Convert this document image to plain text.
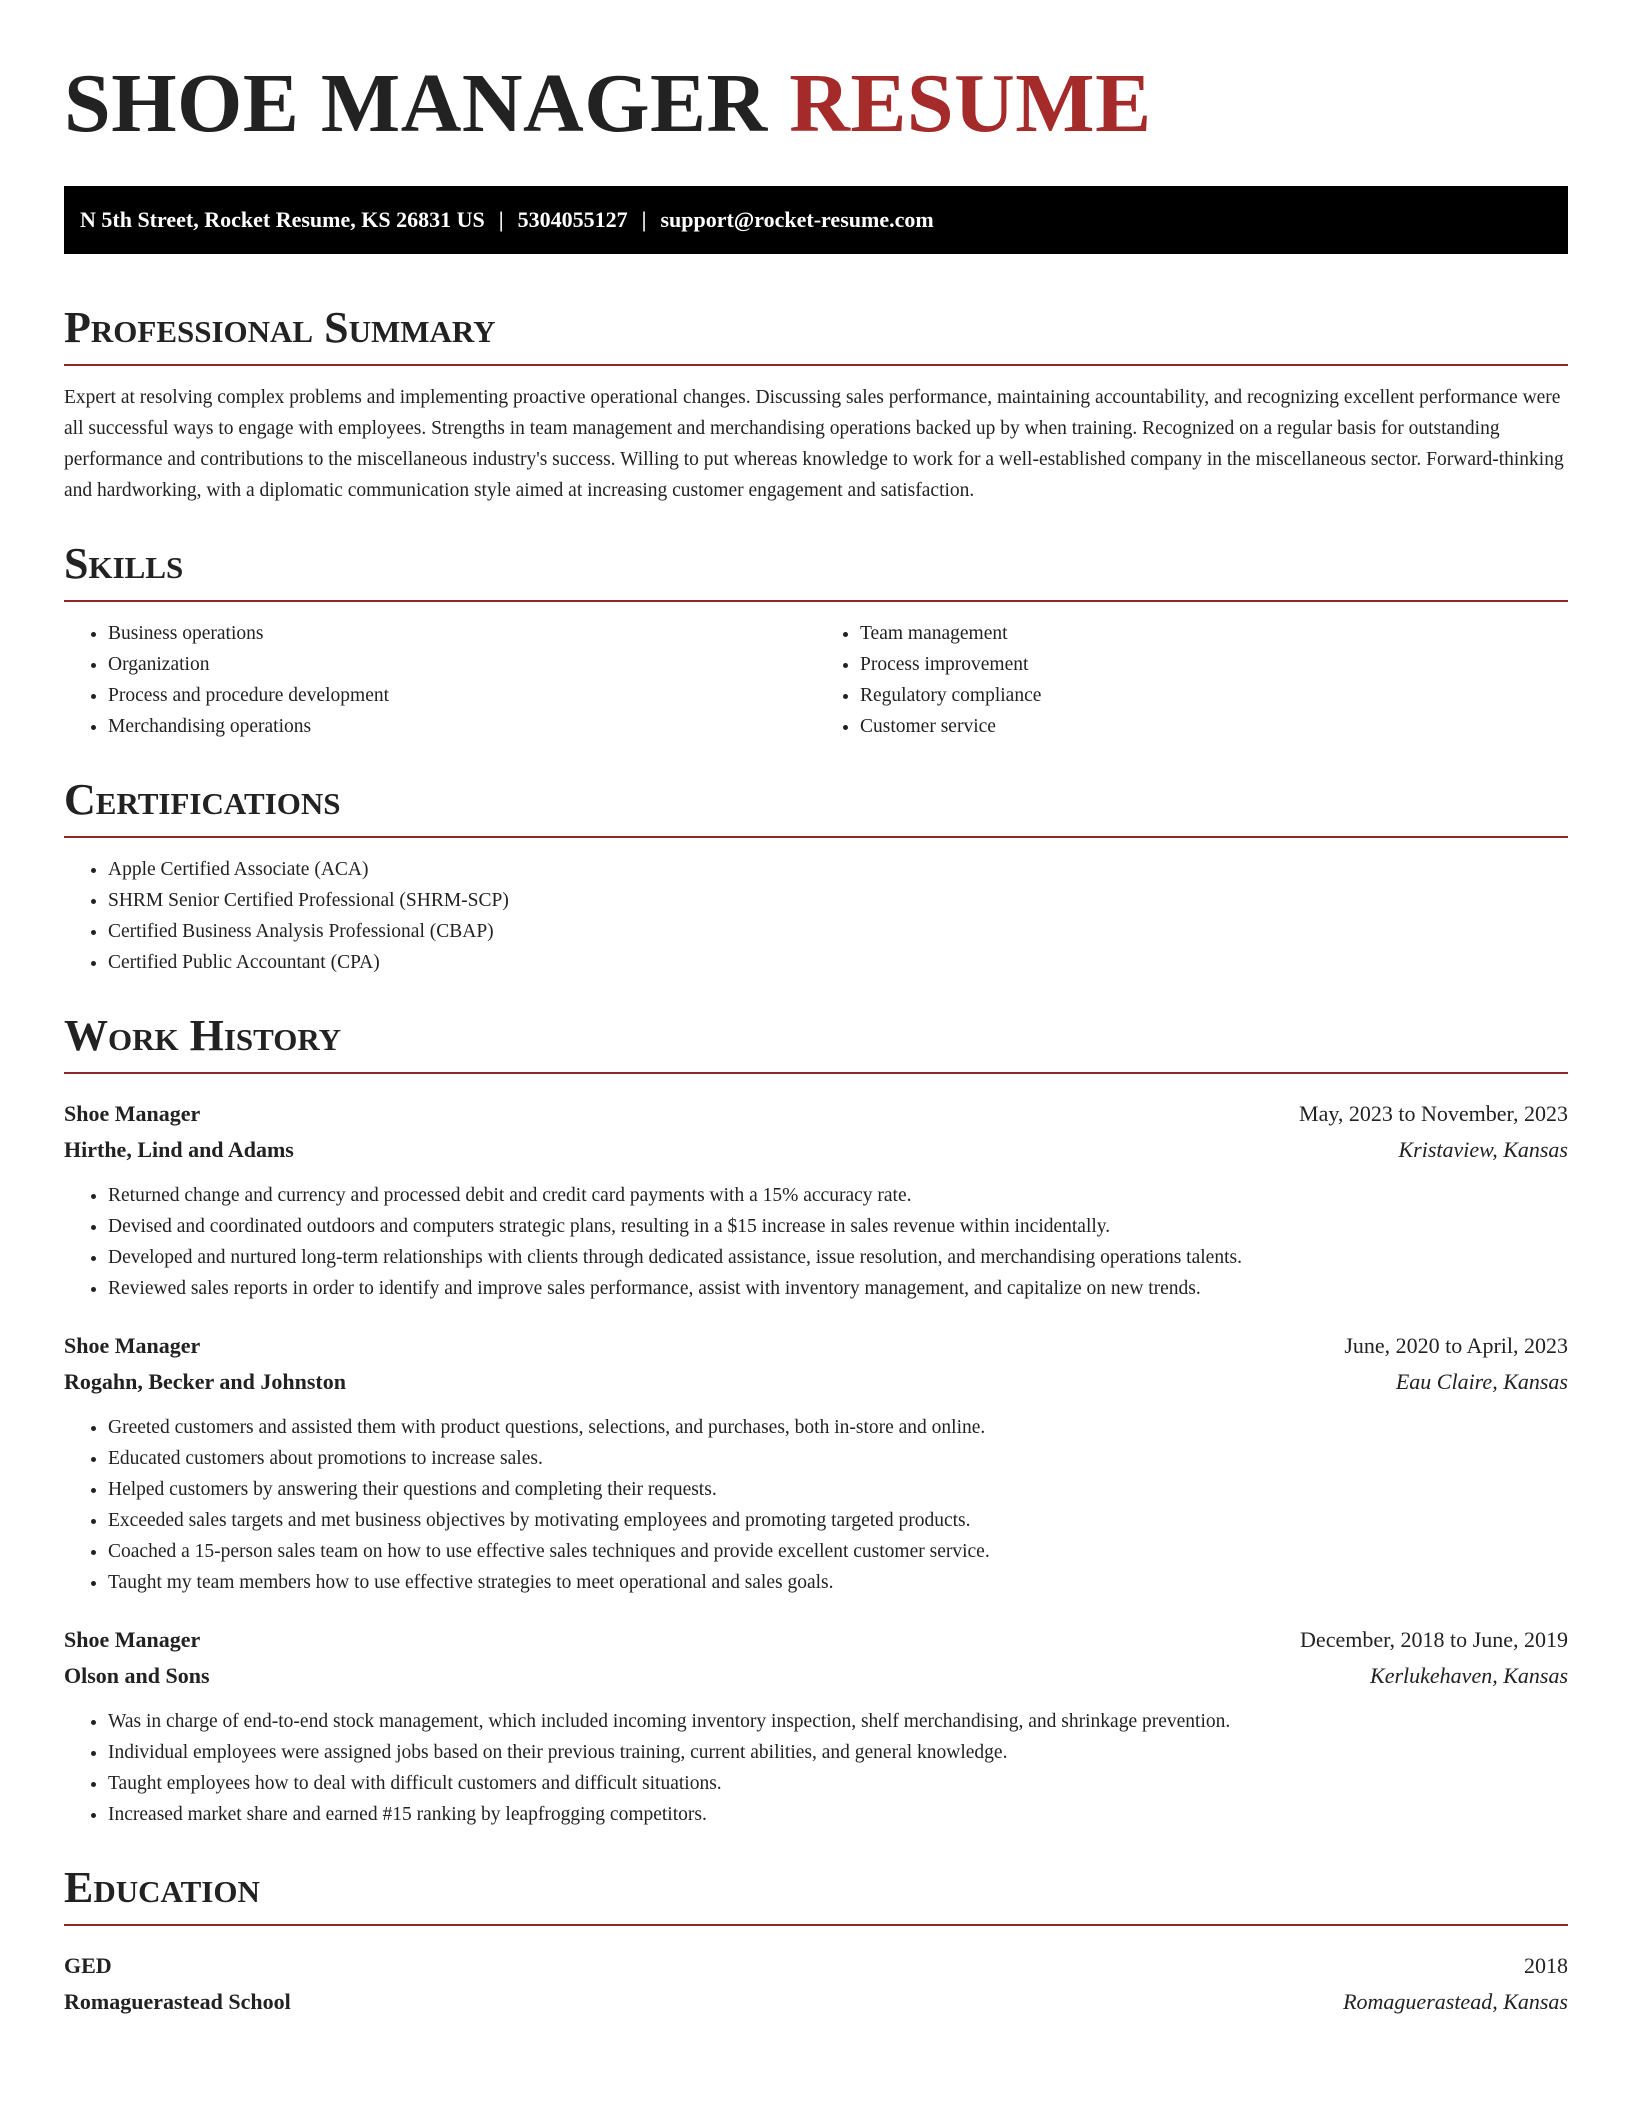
SHOE MANAGER RESUME
N 5th Street, Rocket Resume, KS 26831 US | 5304055127 | support@rocket-resume.com
Professional Summary

Expert at resolving complex problems and implementing proactive operational changes. Discussing sales performance, maintaining accountability, and recognizing excellent performance were all successful ways to engage with employees. Strengths in team management and merchandising operations backed up by when training. Recognized on a regular basis for outstanding performance and contributions to the miscellaneous industry's success. Willing to put whereas knowledge to work for a well-established company in the miscellaneous sector. Forward-thinking and hardworking, with a diplomatic communication style aimed at increasing customer engagement and satisfaction.

Skills
• Business operations
• Organization
• Process and procedure development
• Merchandising operations
• Team management
• Process improvement
• Regulatory compliance
• Customer service
Certifications
• Apple Certified Associate (ACA)
• SHRM Senior Certified Professional (SHRM-SCP)
• Certified Business Analysis Professional (CBAP)
• Certified Public Accountant (CPA)
Work History
Shoe Manager	May, 2023 to November, 2023
Hirthe, Lind and Adams	Kristaview, Kansas
• Returned change and currency and processed debit and credit card payments with a 15% accuracy rate.
• Devised and coordinated outdoors and computers strategic plans, resulting in a $15 increase in sales revenue within incidentally.
• Developed and nurtured long-term relationships with clients through dedicated assistance, issue resolution, and merchandising operations talents.
• Reviewed sales reports in order to identify and improve sales performance, assist with inventory management, and capitalize on new trends.
Shoe Manager	June, 2020 to April, 2023
Rogahn, Becker and Johnston	Eau Claire, Kansas
• Greeted customers and assisted them with product questions, selections, and purchases, both in-store and online.
• Educated customers about promotions to increase sales.
• Helped customers by answering their questions and completing their requests.
• Exceeded sales targets and met business objectives by motivating employees and promoting targeted products.
• Coached a 15-person sales team on how to use effective sales techniques and provide excellent customer service.
• Taught my team members how to use effective strategies to meet operational and sales goals.
Shoe Manager	December, 2018 to June, 2019
Olson and Sons	Kerlukehaven, Kansas
• Was in charge of end-to-end stock management, which included incoming inventory inspection, shelf merchandising, and shrinkage prevention.
• Individual employees were assigned jobs based on their previous training, current abilities, and general knowledge.
• Taught employees how to deal with difficult customers and difficult situations.
• Increased market share and earned #15 ranking by leapfrogging competitors.
Education
GED	2018
Romaguerastead School	Romaguerastead, Kansas
